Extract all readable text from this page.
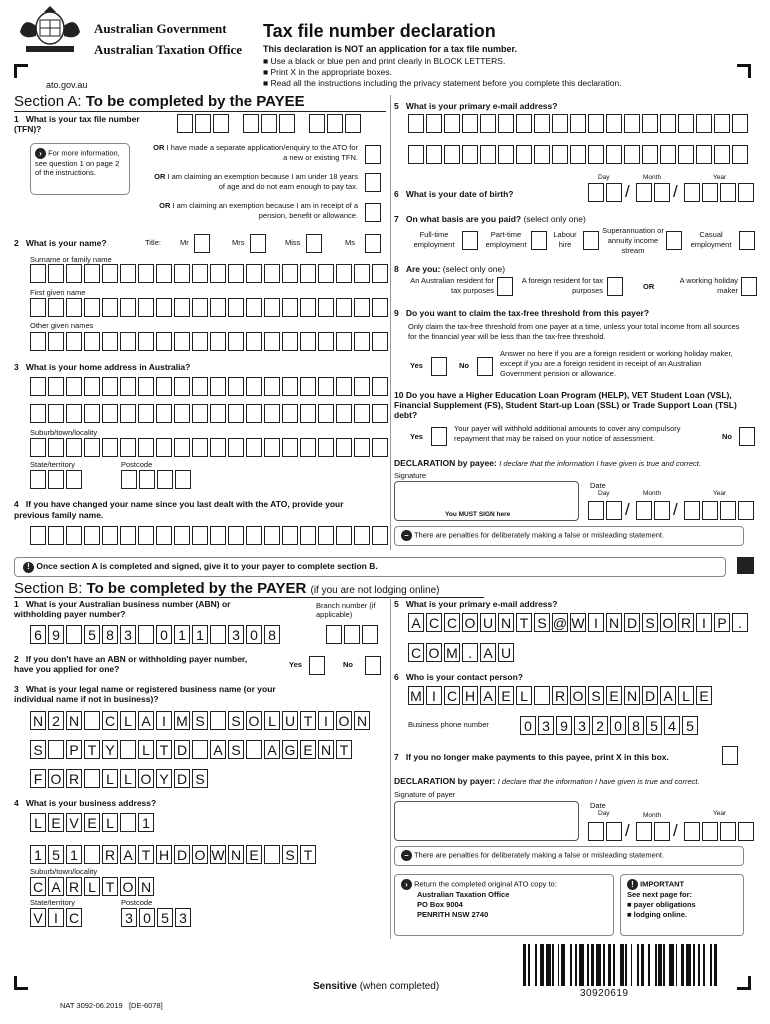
Australian Government
Australian Taxation Office
ato.gov.au
Tax file number declaration
This declaration is NOT an application for a tax file number.
■ Use a black or blue pen and print clearly in BLOCK LETTERS.
■ Print X in the appropriate boxes.
■ Read all the instructions including the privacy statement before you complete this declaration.
Section A: To be completed by the PAYEE
1 What is your tax file number (TFN)?
› For more information, see question 1 on page 2 of the instructions.
OR I have made a separate application/enquiry to the ATO for a new or existing TFN.
OR I am claiming an exemption because I am under 18 years of age and do not earn enough to pay tax.
OR I am claiming an exemption because I am in receipt of a pension, benefit or allowance.
2 What is your name?	Title:	Mr	Mrs	Miss	Ms
Surname or family name
First given name
Other given names
3 What is your home address in Australia?
Suburb/town/locality
State/territory	Postcode
4 If you have changed your name since you last dealt with the ATO, provide your previous family name.
5 What is your primary e-mail address?
Day	Month	Year
6 What is your date of birth?	/	/
7 On what basis are you paid? (select only one)
Full-time employment
Part-time employment
Labour hire
Superannuation or annuity income stream
Casual employment
8 Are you: (select only one)
An Australian resident for tax purposes
A foreign resident for tax purposes	OR
A working holiday maker
9 Do you want to claim the tax-free threshold from this payer?
Only claim the tax-free threshold from one payer at a time, unless your total income from all sources for the financial year will be less than the tax-free threshold.
Yes	No
Answer no here if you are a foreign resident or working holiday maker, except if you are a foreign resident in receipt of an Australian Government pension or allowance.
10 Do you have a Higher Education Loan Program (HELP), VET Student Loan (VSL), Financial Supplement (FS), Student Start-up Loan (SSL) or Trade Support Loan (TSL) debt?
Yes
Your payer will withhold additional amounts to cover any compulsory repayment that may be raised on your notice of assessment.	No
DECLARATION by payee: I declare that the information I have given is true and correct.
Signature
You MUST SIGN here
Date
Day	Month	Year
/	/
– There are penalties for deliberately making a false or misleading statement.
! Once section A is completed and signed, give it to your payer to complete section B.
Section B: To be completed by the PAYER (if you are not lodging online)
1 What is your Australian business number (ABN) or withholding payer number?
Branch number (if applicable)
6 9 5 8 3 0 1 1 3 0 8
2 If you don't have an ABN or withholding payer number, have you applied for one?	Yes	No
3 What is your legal name or registered business name (or your individual name if not in business)?
N 2 N C L A I M S S O L U T I O N
S P T Y L T D A S A G E N T
F O R L L O Y D S
4 What is your business address?
L E V E L 1
1 5 1 R A T H D O W N E S T
Suburb/town/locality
C A R L T O N
State/territory
V I C
Postcode
3 0 5 3
5 What is your primary e-mail address?
A C C O U N T S @ W I N D S O R I P .
C O M . A U
6 Who is your contact person?
M I C H A E L R O S E N D A L E
Business phone number	0 3 9 3 2 0 8 5 4 5
7 If you no longer make payments to this payee, print X in this box.
DECLARATION by payer: I declare that the information I have given is true and correct.
Signature of payer
Date
Day	Month	Year
/	/
– There are penalties for deliberately making a false or misleading statement.
› Return the completed original ATO copy to:
Australian Taxation Office
PO Box 9004
PENRITH NSW 2740
! IMPORTANT
See next page for:
■ payer obligations
■ lodging online.
Sensitive (when completed)
NAT 3092-06.2019 [DE-6078]
30920619
